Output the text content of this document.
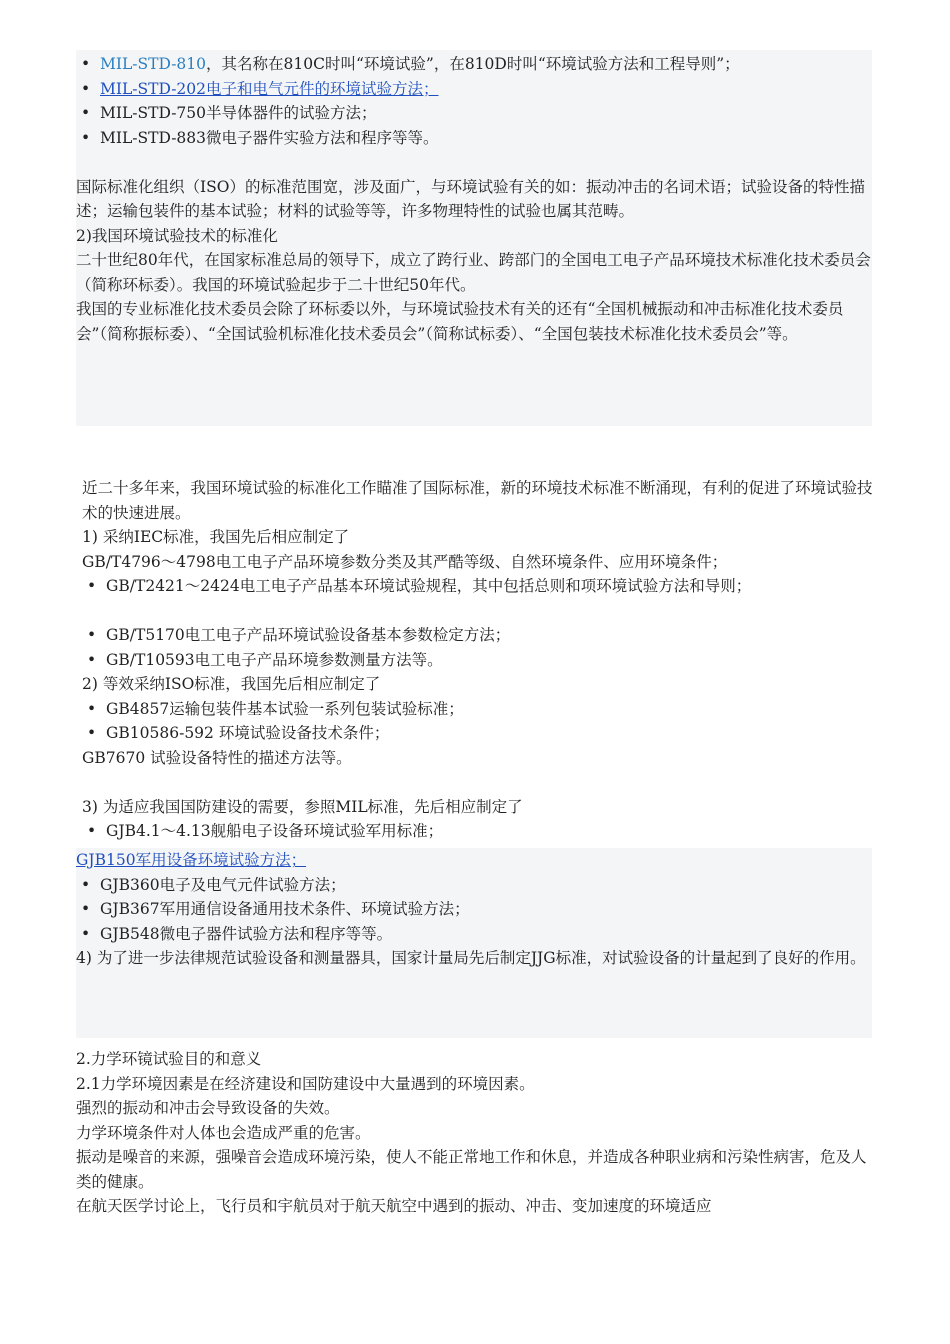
• MIL-STD-810，其名称在810C时叫“环境试验”，在810D时叫“环境试验方法和工程导则”；
• MIL-STD-202电子和电气元件的环境试验方法；
• MIL-STD-750半导体器件的试验方法；
• MIL-STD-883微电子器件实验方法和程序等等。
国际标准化组织（ISO）的标准范围宽，涉及面广，与环境试验有关的如：振动冲击的名词术语；试验设备的特性描述；运输包装件的基本试验；材料的试验等等，许多物理特性的试验也属其范畴。
2)我国环境试验技术的标准化
二十世纪80年代，在国家标准总局的领导下，成立了跨行业、跨部门的全国电工电子产品环境技术标准化技术委员会（简称环标委）。我国的环境试验起步于二十世纪50年代。
我国的专业标准化技术委员会除了环标委以外，与环境试验技术有关的还有“全国机械振动和冲击标准化技术委员会”（简称振标委）、“全国试验机标准化技术委员会”（简称试标委）、“全国包装技术标准化技术委员会”等。
近二十多年来，我国环境试验的标准化工作瞄准了国际标准，新的环境技术标准不断涌现，有利的促进了环境试验技术的快速进展。
1) 采纳IEC标准，我国先后相应制定了
GB/T4796～4798电工电子产品环境参数分类及其严酷等级、自然环境条件、应用环境条件；
• GB/T2421～2424电工电子产品基本环境试验规程，其中包括总则和项环境试验方法和导则；
• GB/T5170电工电子产品环境试验设备基本参数检定方法；
• GB/T10593电工电子产品环境参数测量方法等。
2) 等效采纳ISO标准，我国先后相应制定了
• GB4857运输包装件基本试验一系列包装试验标准；
• GB10586-592 环境试验设备技术条件；
GB7670 试验设备特性的描述方法等。
3) 为适应我国国防建设的需要，参照MIL标准，先后相应制定了
• GJB4.1～4.13舰船电子设备环境试验军用标准；
GJB150军用设备环境试验方法；
• GJB360电子及电气元件试验方法；
• GJB367军用通信设备通用技术条件、环境试验方法；
• GJB548微电子器件试验方法和程序等等。
4) 为了进一步法律规范试验设备和测量器具，国家计量局先后制定JJG标准，对试验设备的计量起到了良好的作用。
2.力学环镜试验目的和意义
2.1力学环境因素是在经济建设和国防建设中大量遇到的环境因素。
强烈的振动和冲击会导致设备的失效。
力学环境条件对人体也会造成严重的危害。
振动是噪音的来源，强噪音会造成环境污染，使人不能正常地工作和休息，并造成各种职业病和污染性病害，危及人类的健康。
在航天医学讨论上，飞行员和宇航员对于航天航空中遇到的振动、冲击、变加速度的环境适应
